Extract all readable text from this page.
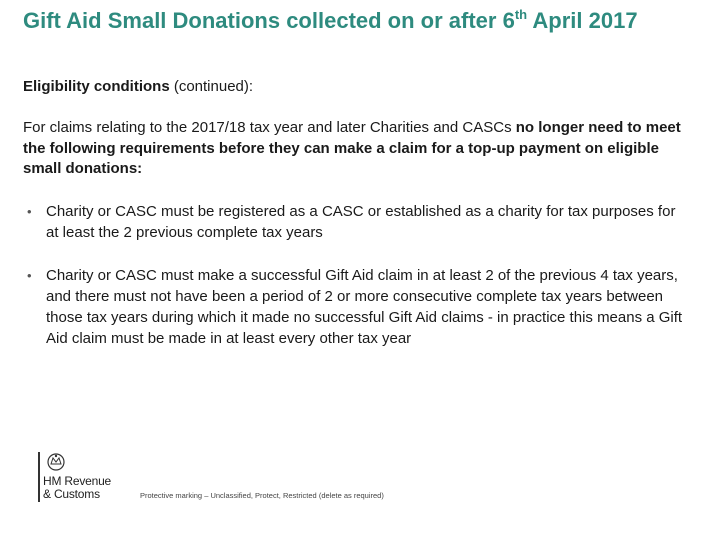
Gift Aid Small Donations collected on or after 6th April 2017
Eligibility conditions (continued):
For claims relating to the 2017/18 tax year and later Charities and CASCs no longer need to meet the following requirements before they can make a claim for a top-up payment on eligible small donations:
• Charity or CASC must be registered as a CASC or established as a charity for tax purposes for at least the 2 previous complete tax years
• Charity or CASC must make a successful Gift Aid claim in at least 2 of the previous 4 tax years, and there must not have been a period of 2 or more consecutive complete tax years between those tax years during which it made no successful Gift Aid claims - in practice this means a Gift Aid claim must be made in at least every other tax year
HM Revenue
& Customs	Protective marking – Unclassified, Protect, Restricted (delete as required)
